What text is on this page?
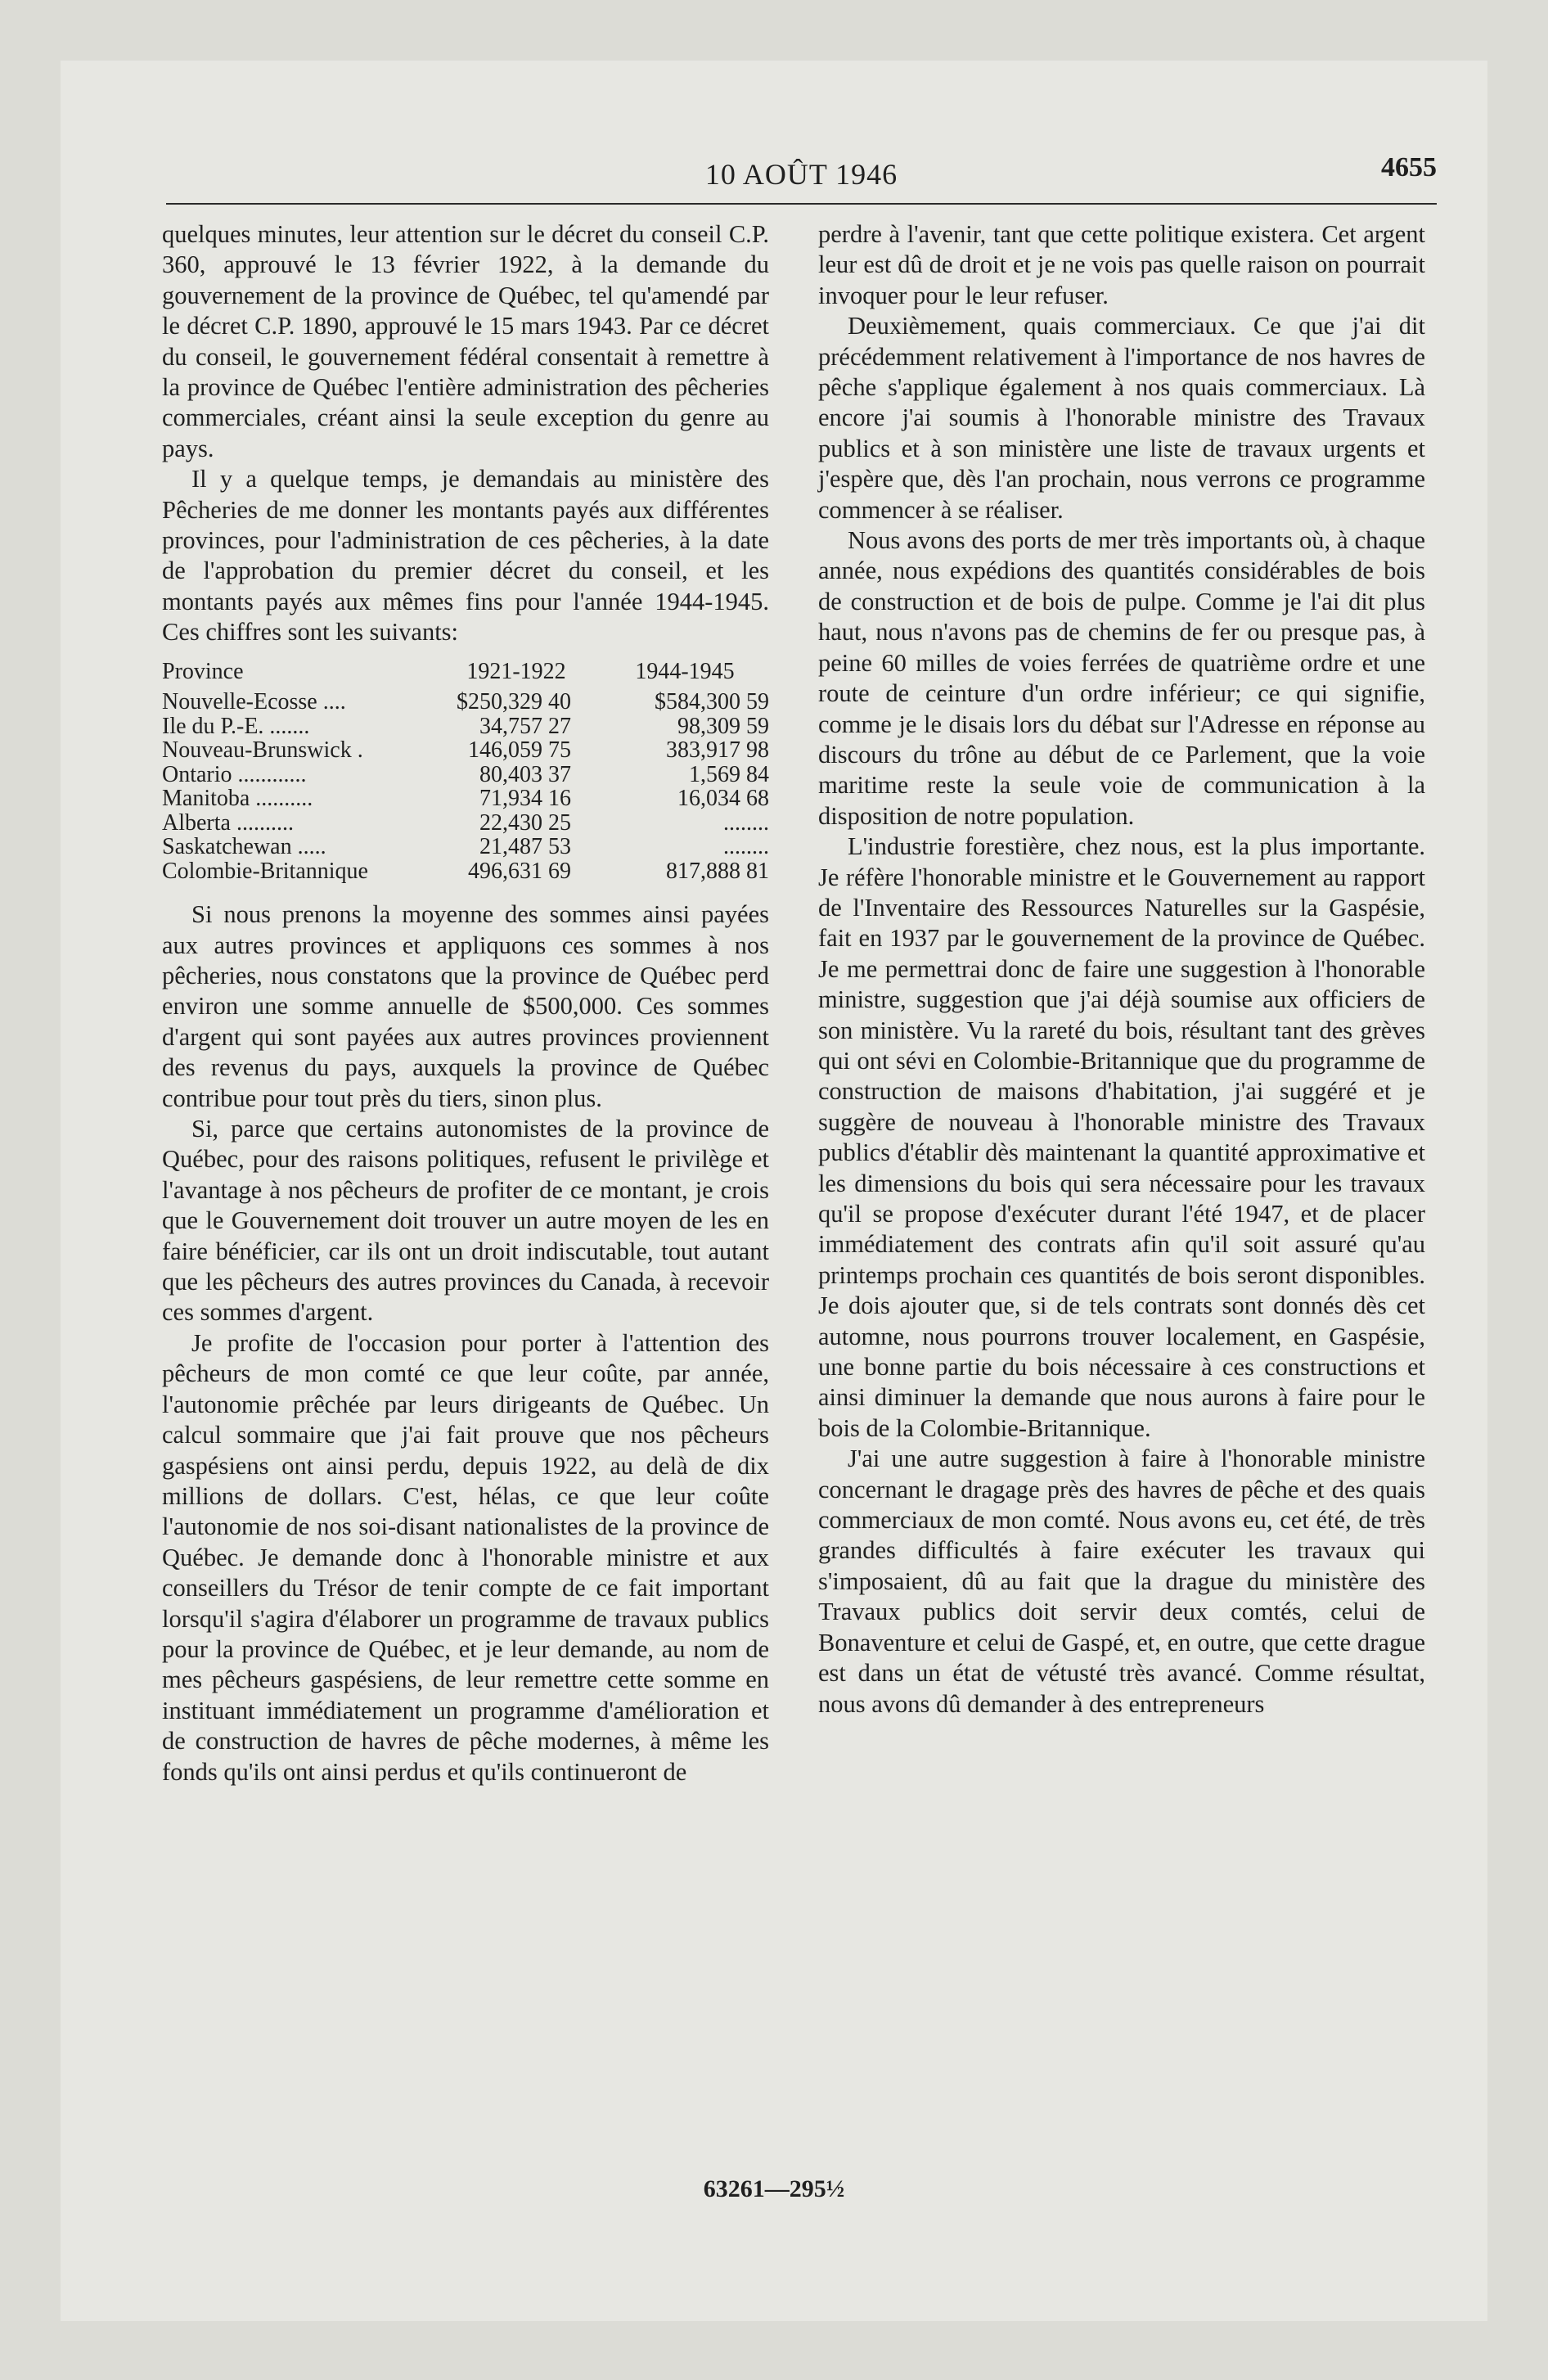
10 AOÛT 1946	4655

quelques minutes, leur attention sur le décret du conseil C.P. 360, approuvé le 13 février 1922, à la demande du gouvernement de la province de Québec, tel qu'amendé par le décret C.P. 1890, approuvé le 15 mars 1943. Par ce décret du conseil, le gouvernement fédéral consentait à remettre à la province de Québec l'entière administration des pêcheries commerciales, créant ainsi la seule exception du genre au pays.

Il y a quelque temps, je demandais au ministère des Pêcheries de me donner les montants payés aux différentes provinces, pour l'administration de ces pêcheries, à la date de l'approbation du premier décret du conseil, et les montants payés aux mêmes fins pour l'année 1944-1945. Ces chiffres sont les suivants:

Province	1921-1922	1944-1945
Nouvelle-Ecosse ....	$250,329 40	$584,300 59
Ile du P.-E. .......	34,757 27	98,309 59
Nouveau-Brunswick .	146,059 75	383,917 98
Ontario ............	80,403 37	1,569 84
Manitoba ..........	71,934 16	16,034 68
Alberta ..........	22,430 25	........
Saskatchewan .....	21,487 53	........
Colombie-Britannique	496,631 69	817,888 81

Si nous prenons la moyenne des sommes ainsi payées aux autres provinces et appliquons ces sommes à nos pêcheries, nous constatons que la province de Québec perd environ une somme annuelle de $500,000. Ces sommes d'argent qui sont payées aux autres provinces proviennent des revenus du pays, auxquels la province de Québec contribue pour tout près du tiers, sinon plus.

Si, parce que certains autonomistes de la province de Québec, pour des raisons politiques, refusent le privilège et l'avantage à nos pêcheurs de profiter de ce montant, je crois que le Gouvernement doit trouver un autre moyen de les en faire bénéficier, car ils ont un droit indiscutable, tout autant que les pêcheurs des autres provinces du Canada, à recevoir ces sommes d'argent.

Je profite de l'occasion pour porter à l'attention des pêcheurs de mon comté ce que leur coûte, par année, l'autonomie prêchée par leurs dirigeants de Québec. Un calcul sommaire que j'ai fait prouve que nos pêcheurs gaspésiens ont ainsi perdu, depuis 1922, au delà de dix millions de dollars. C'est, hélas, ce que leur coûte l'autonomie de nos soi-disant nationalistes de la province de Québec. Je demande donc à l'honorable ministre et aux conseillers du Trésor de tenir compte de ce fait important lorsqu'il s'agira d'élaborer un programme de travaux publics pour la province de Québec, et je leur demande, au nom de mes pêcheurs gaspésiens, de leur remettre cette somme en instituant immédiatement un programme d'amélioration et de construction de havres de pêche modernes, à même les fonds qu'ils ont ainsi perdus et qu'ils continueront de

perdre à l'avenir, tant que cette politique existera. Cet argent leur est dû de droit et je ne vois pas quelle raison on pourrait invoquer pour le leur refuser.

Deuxièmement, quais commerciaux. Ce que j'ai dit précédemment relativement à l'importance de nos havres de pêche s'applique également à nos quais commerciaux. Là encore j'ai soumis à l'honorable ministre des Travaux publics et à son ministère une liste de travaux urgents et j'espère que, dès l'an prochain, nous verrons ce programme commencer à se réaliser.

Nous avons des ports de mer très importants où, à chaque année, nous expédions des quantités considérables de bois de construction et de bois de pulpe. Comme je l'ai dit plus haut, nous n'avons pas de chemins de fer ou presque pas, à peine 60 milles de voies ferrées de quatrième ordre et une route de ceinture d'un ordre inférieur; ce qui signifie, comme je le disais lors du débat sur l'Adresse en réponse au discours du trône au début de ce Parlement, que la voie maritime reste la seule voie de communication à la disposition de notre population.

L'industrie forestière, chez nous, est la plus importante. Je réfère l'honorable ministre et le Gouvernement au rapport de l'Inventaire des Ressources Naturelles sur la Gaspésie, fait en 1937 par le gouvernement de la province de Québec. Je me permettrai donc de faire une suggestion à l'honorable ministre, suggestion que j'ai déjà soumise aux officiers de son ministère. Vu la rareté du bois, résultant tant des grèves qui ont sévi en Colombie-Britannique que du programme de construction de maisons d'habitation, j'ai suggéré et je suggère de nouveau à l'honorable ministre des Travaux publics d'établir dès maintenant la quantité approximative et les dimensions du bois qui sera nécessaire pour les travaux qu'il se propose d'exécuter durant l'été 1947, et de placer immédiatement des contrats afin qu'il soit assuré qu'au printemps prochain ces quantités de bois seront disponibles. Je dois ajouter que, si de tels contrats sont donnés dès cet automne, nous pourrons trouver localement, en Gaspésie, une bonne partie du bois nécessaire à ces constructions et ainsi diminuer la demande que nous aurons à faire pour le bois de la Colombie-Britannique.

J'ai une autre suggestion à faire à l'honorable ministre concernant le dragage près des havres de pêche et des quais commerciaux de mon comté. Nous avons eu, cet été, de très grandes difficultés à faire exécuter les travaux qui s'imposaient, dû au fait que la drague du ministère des Travaux publics doit servir deux comtés, celui de Bonaventure et celui de Gaspé, et, en outre, que cette drague est dans un état de vétusté très avancé. Comme résultat, nous avons dû demander à des entrepreneurs

63261—295½
